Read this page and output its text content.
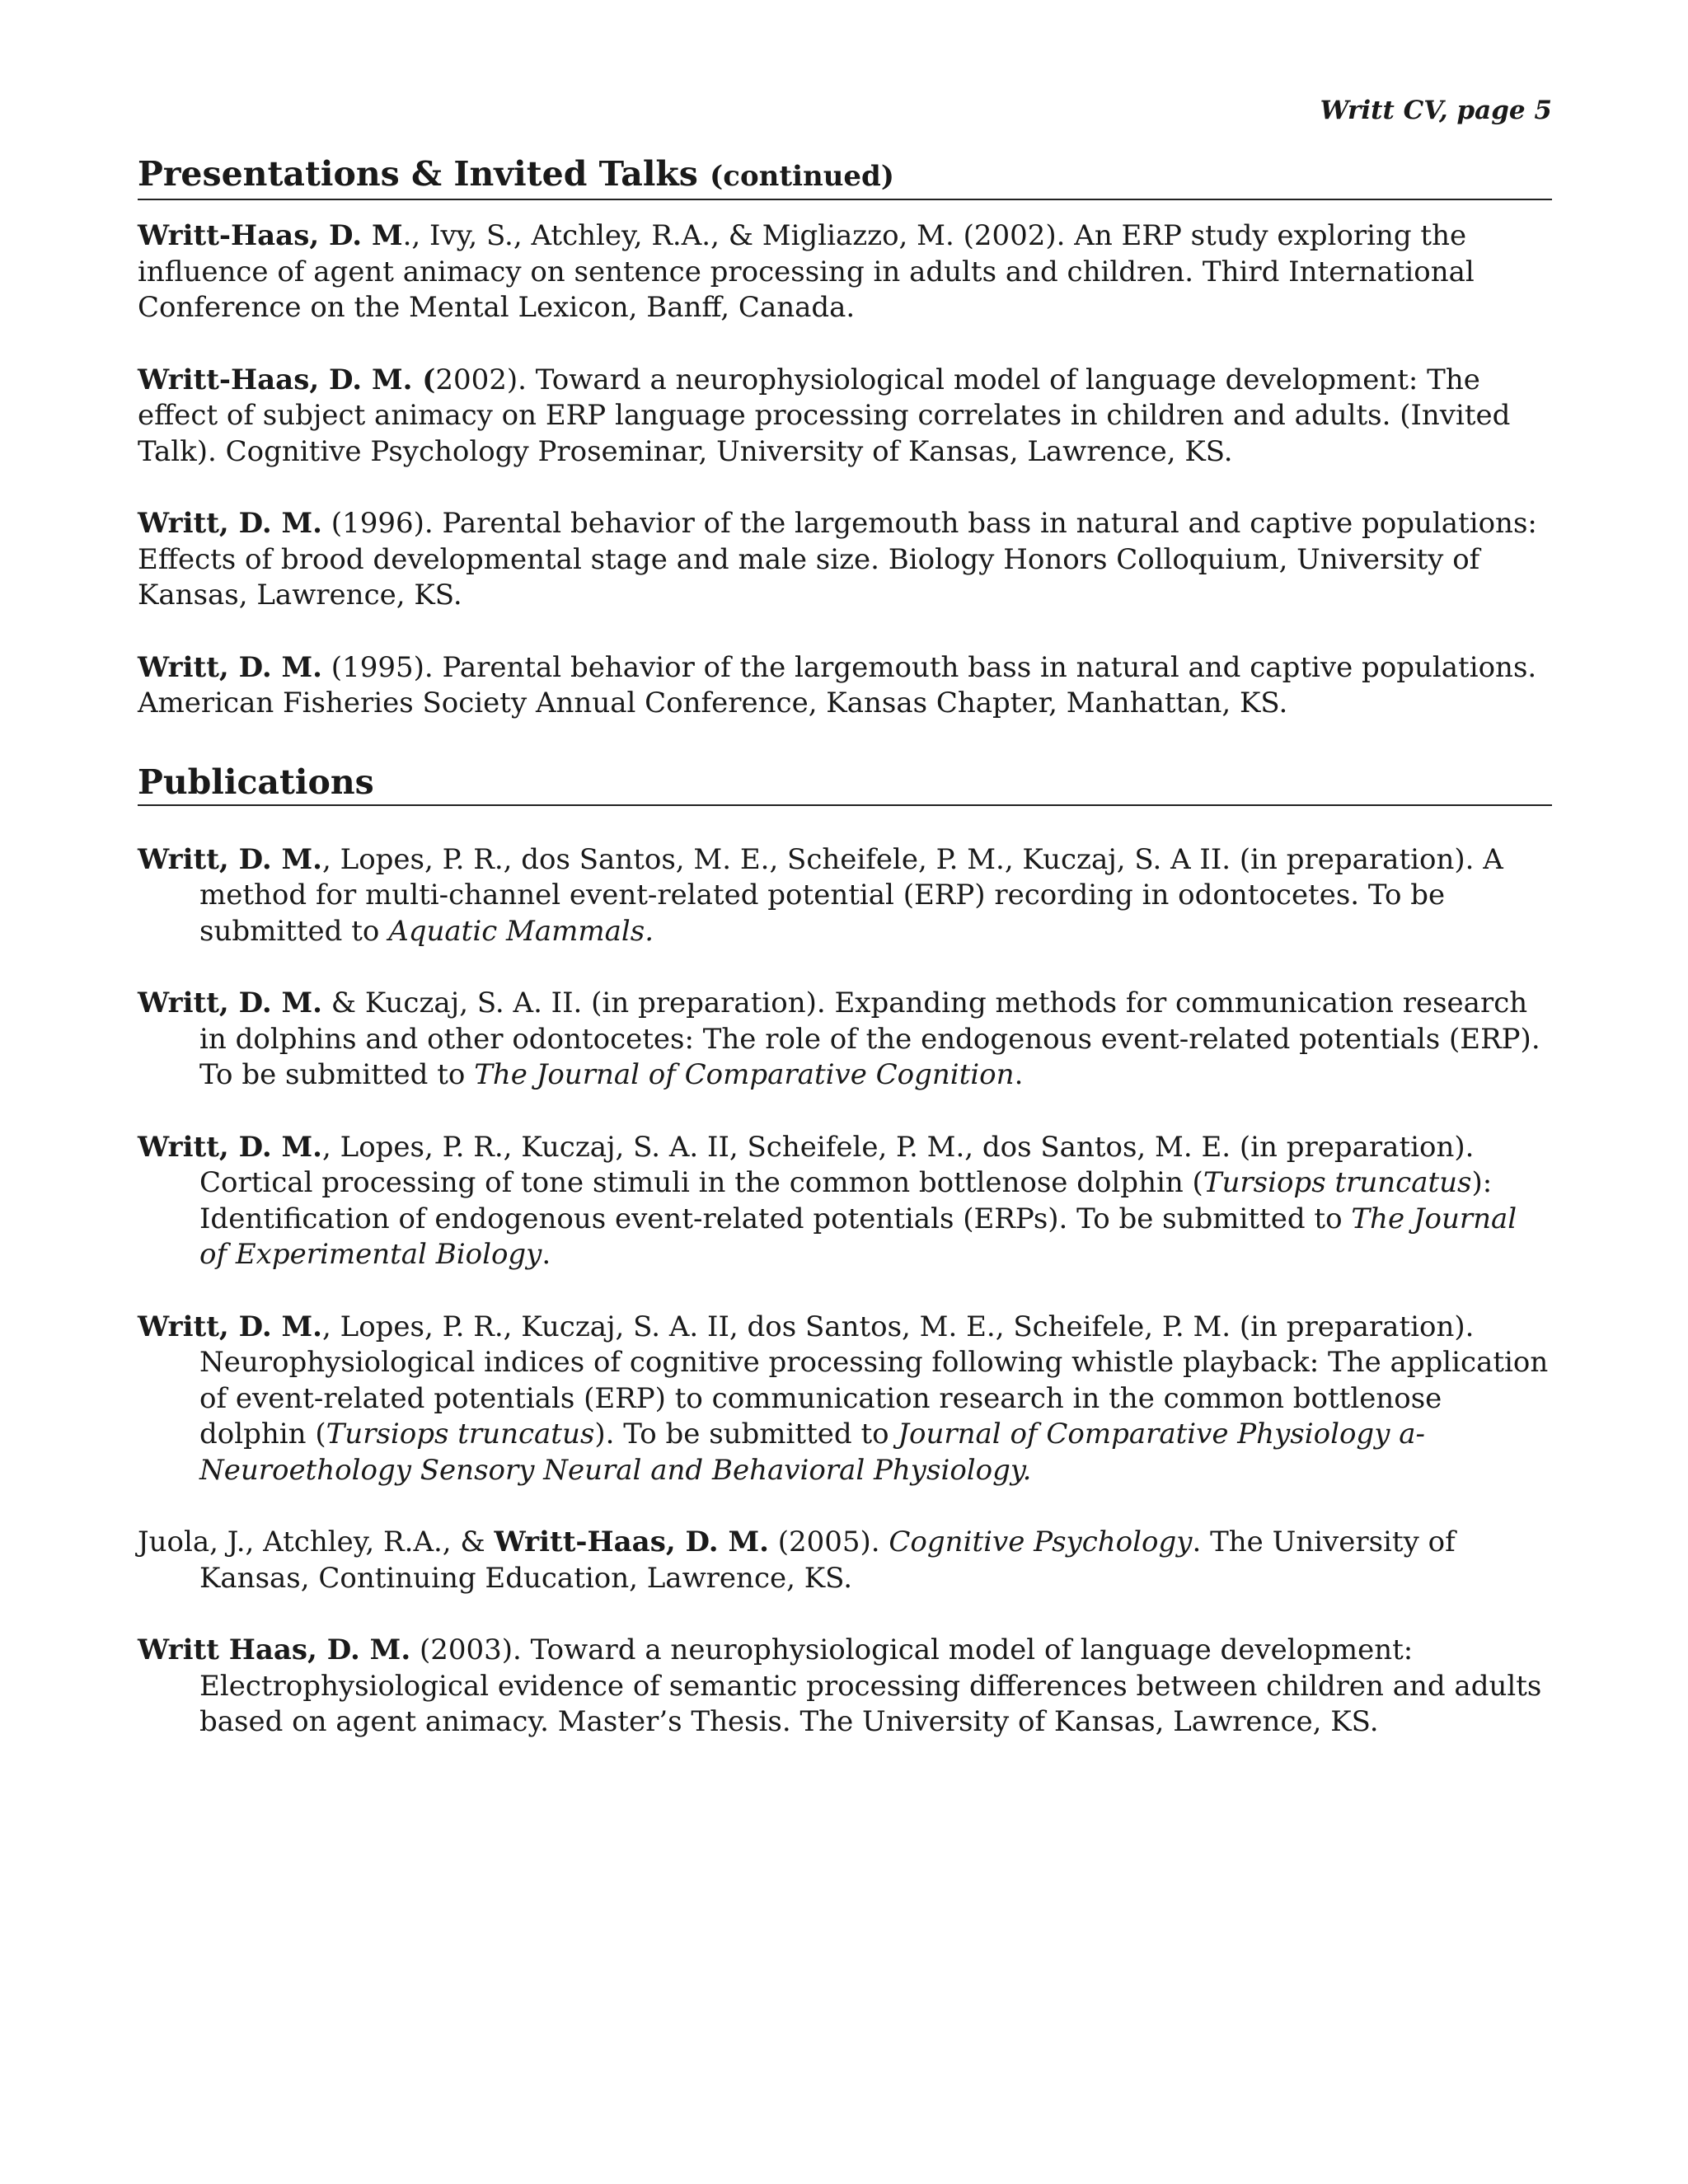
Writt CV, page 5

Presentations & Invited Talks (continued)

Writt-Haas, D. M., Ivy, S., Atchley, R.A., & Migliazzo, M. (2002). An ERP study exploring the influence of agent animacy on sentence processing in adults and children. Third International Conference on the Mental Lexicon, Banff, Canada.

Writt-Haas, D. M. (2002). Toward a neurophysiological model of language development: The effect of subject animacy on ERP language processing correlates in children and adults. (Invited Talk). Cognitive Psychology Proseminar, University of Kansas, Lawrence, KS.

Writt, D. M. (1996). Parental behavior of the largemouth bass in natural and captive populations: Effects of brood developmental stage and male size. Biology Honors Colloquium, University of Kansas, Lawrence, KS.

Writt, D. M. (1995). Parental behavior of the largemouth bass in natural and captive populations. American Fisheries Society Annual Conference, Kansas Chapter, Manhattan, KS.

Publications

Writt, D. M., Lopes, P. R., dos Santos, M. E., Scheifele, P. M., Kuczaj, S. A II. (in preparation). A method for multi-channel event-related potential (ERP) recording in odontocetes. To be submitted to Aquatic Mammals.

Writt, D. M. & Kuczaj, S. A. II. (in preparation). Expanding methods for communication research in dolphins and other odontocetes: The role of the endogenous event-related potentials (ERP). To be submitted to The Journal of Comparative Cognition.

Writt, D. M., Lopes, P. R., Kuczaj, S. A. II, Scheifele, P. M., dos Santos, M. E. (in preparation). Cortical processing of tone stimuli in the common bottlenose dolphin (Tursiops truncatus): Identification of endogenous event-related potentials (ERPs). To be submitted to The Journal of Experimental Biology.

Writt, D. M., Lopes, P. R., Kuczaj, S. A. II, dos Santos, M. E., Scheifele, P. M. (in preparation). Neurophysiological indices of cognitive processing following whistle playback: The application of event-related potentials (ERP) to communication research in the common bottlenose dolphin (Tursiops truncatus). To be submitted to Journal of Comparative Physiology a-Neuroethology Sensory Neural and Behavioral Physiology.

Juola, J., Atchley, R.A., & Writt-Haas, D. M. (2005). Cognitive Psychology. The University of Kansas, Continuing Education, Lawrence, KS.

Writt Haas, D. M. (2003). Toward a neurophysiological model of language development: Electrophysiological evidence of semantic processing differences between children and adults based on agent animacy. Master’s Thesis. The University of Kansas, Lawrence, KS.
